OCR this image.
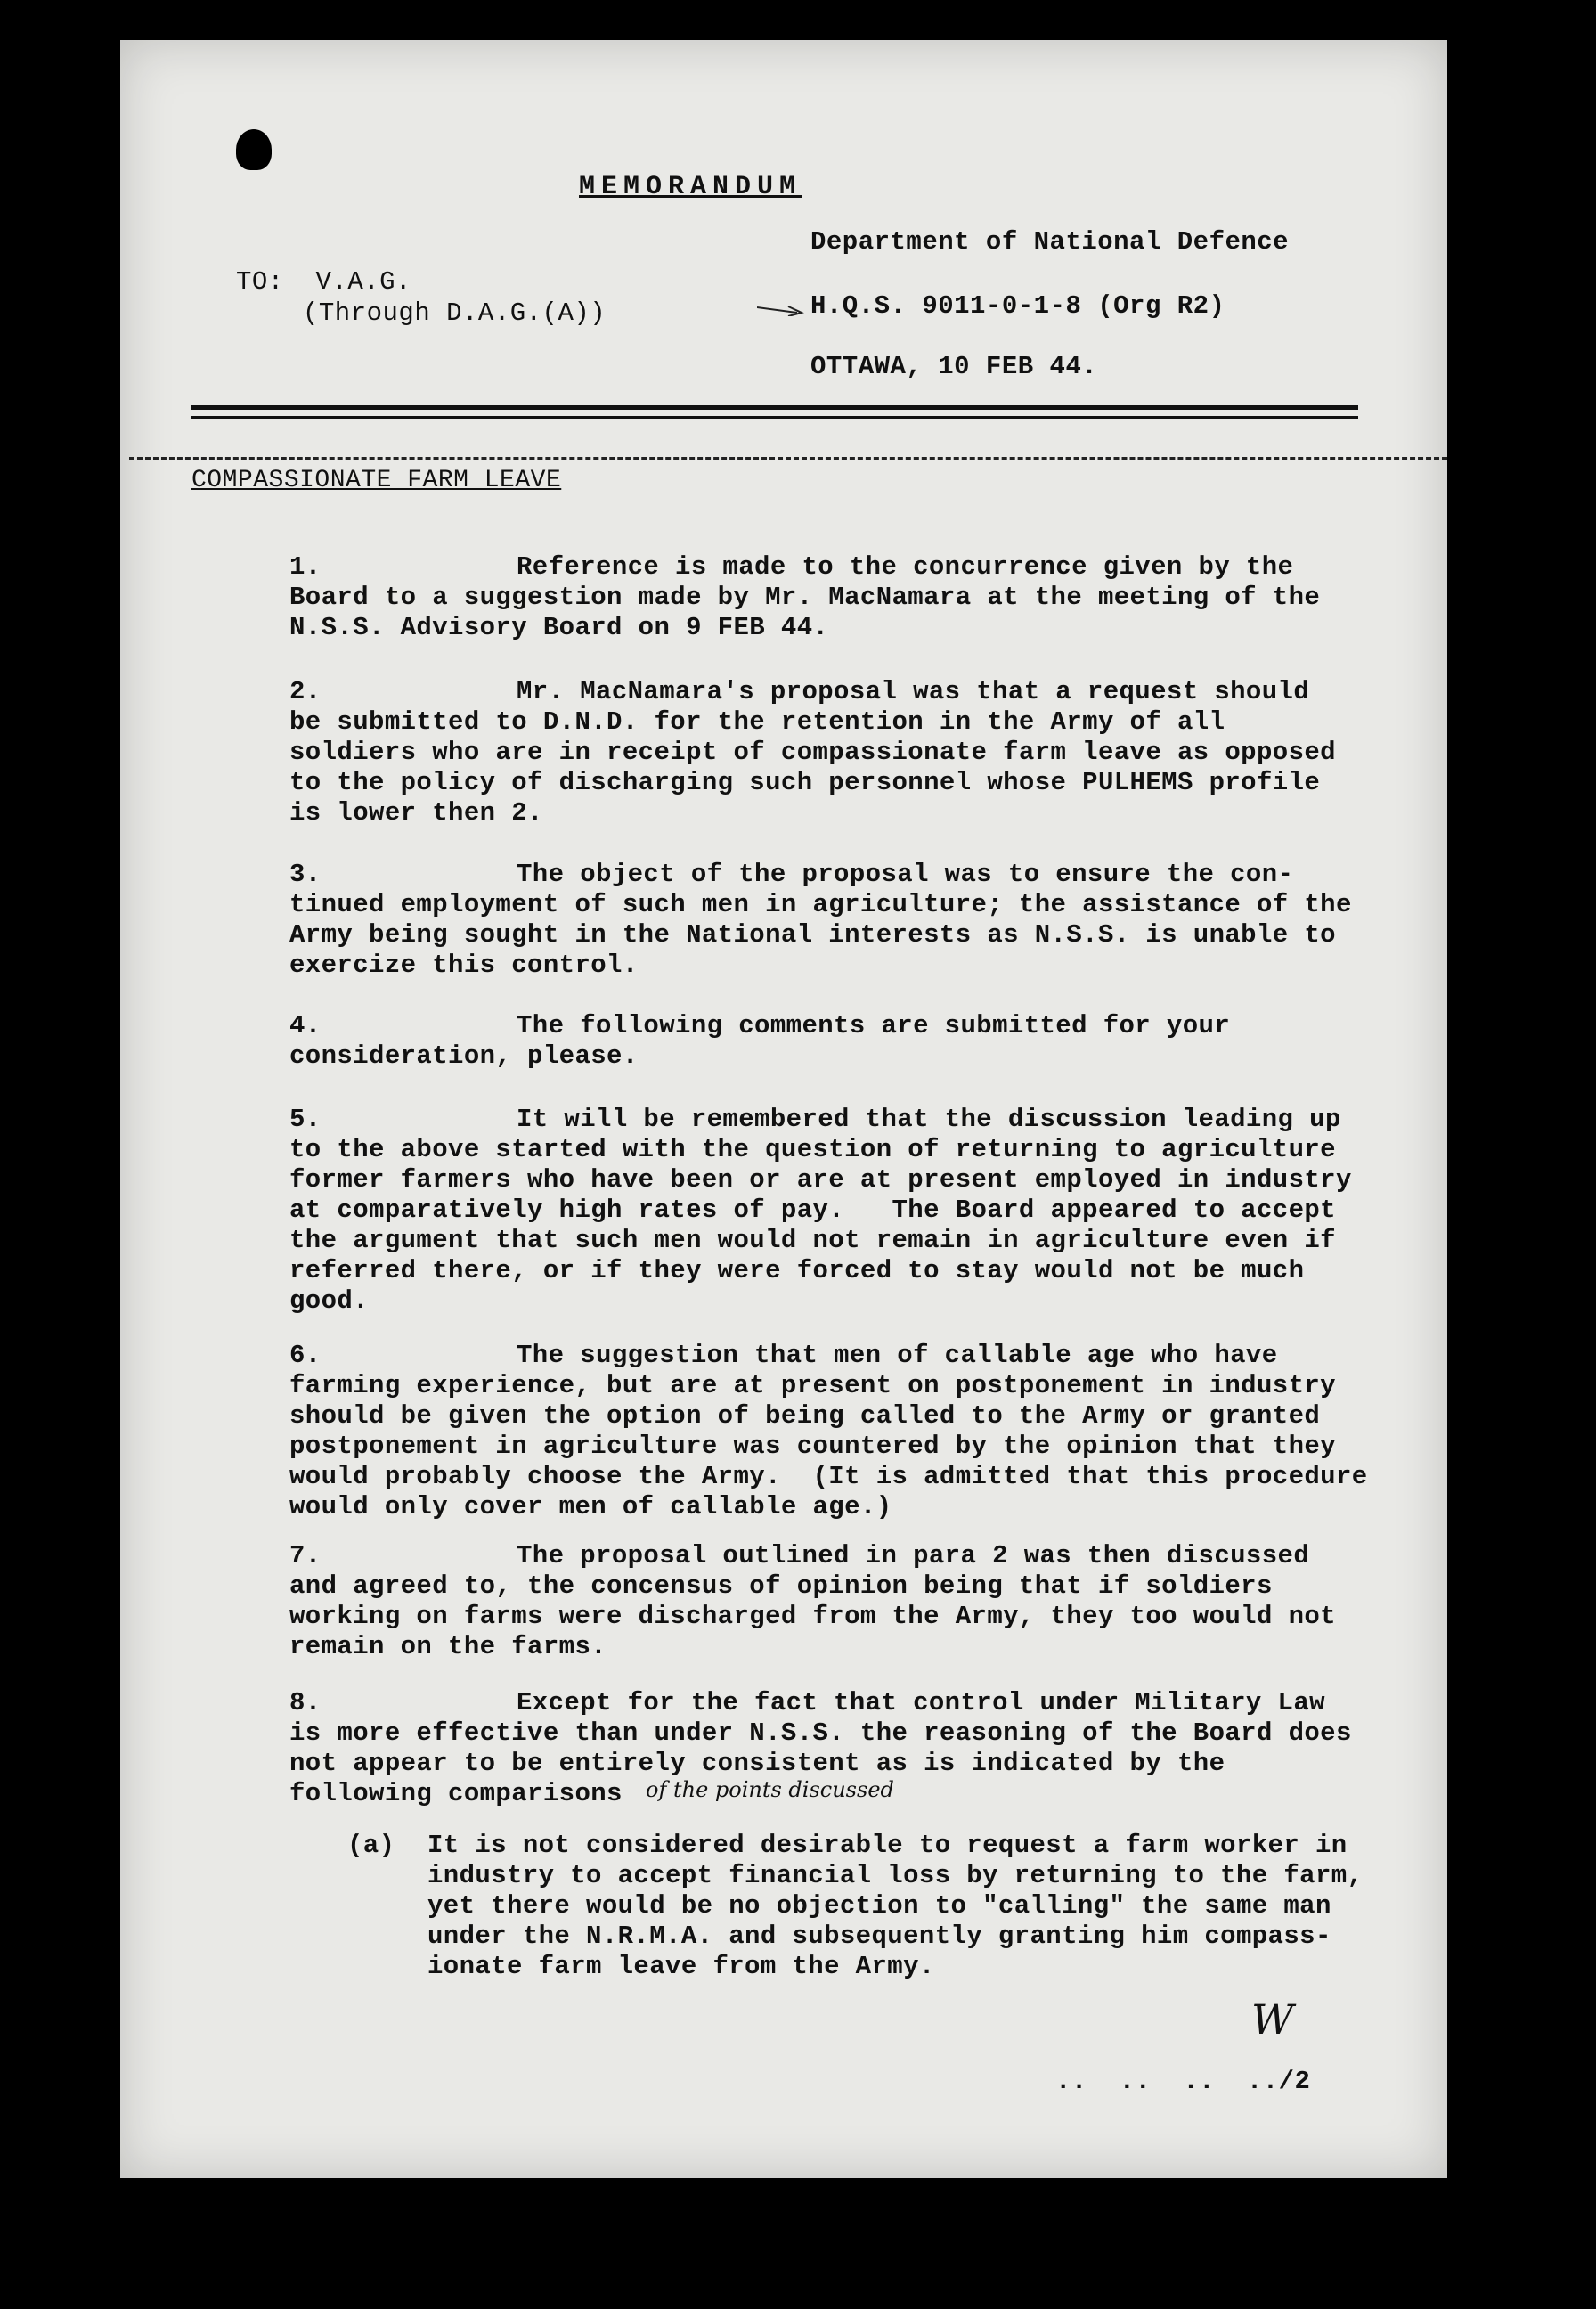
MEMORANDUM
Department of National Defence
TO:  V.A.G.
(Through D.A.G.(A))	H.Q.S. 9011-0-1-8 (Org R2)
OTTAWA, 10 FEB 44.
COMPASSIONATE FARM LEAVE
1.	Reference is made to the concurrence given by the
Board to a suggestion made by Mr. MacNamara at the meeting of the
N.S.S. Advisory Board on 9 FEB 44.
2.	Mr. MacNamara's proposal was that a request should
be submitted to D.N.D. for the retention in the Army of all
soldiers who are in receipt of compassionate farm leave as opposed
to the policy of discharging such personnel whose PULHEMS profile
is lower then 2.
3.	The object of the proposal was to ensure the con-
tinued employment of such men in agriculture; the assistance of the
Army being sought in the National interests as N.S.S. is unable to
exercize this control.
4.	The following comments are submitted for your
consideration, please.
5.	It will be remembered that the discussion leading up
to the above started with the question of returning to agriculture
former farmers who have been or are at present employed in industry
at comparatively high rates of pay.   The Board appeared to accept
the argument that such men would not remain in agriculture even if
referred there, or if they were forced to stay would not be much
good.
6.	The suggestion that men of callable age who have
farming experience, but are at present on postponement in industry
should be given the option of being called to the Army or granted
postponement in agriculture was countered by the opinion that they
would probably choose the Army.  (It is admitted that this procedure
would only cover men of callable age.)
7.	The proposal outlined in para 2 was then discussed
and agreed to, the concensus of opinion being that if soldiers
working on farms were discharged from the Army, they too would not
remain on the farms.
8.	Except for the fact that control under Military Law
is more effective than under N.S.S. the reasoning of the Board does
not appear to be entirely consistent as is indicated by the
following comparisons	of the points discussed
(a) It is not considered desirable to request a farm worker in
industry to accept financial loss by returning to the farm,
yet there would be no objection to "calling" the same man
under the N.R.M.A. and subsequently granting him compass-
ionate farm leave from the Army.
..  ..  ..  ../2
W
